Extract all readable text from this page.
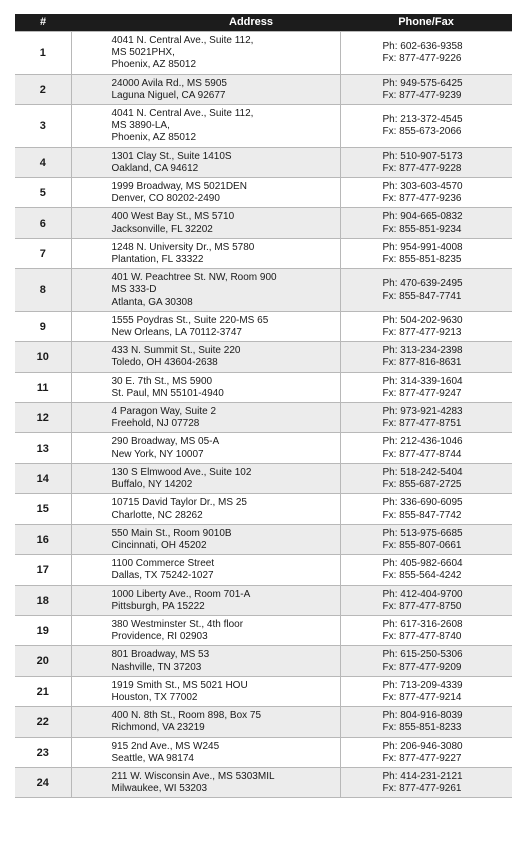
#	Address	Phone/Fax
1	4041 N. Central Ave., Suite 112,
MS 5021PHX,
Phoenix, AZ 85012	Ph: 602-636-9358
Fx: 877-477-9226

2	24000 Avila Rd., MS 5905
Laguna Niguel, CA 92677	Ph: 949-575-6425
Fx: 877-477-9239

3	4041 N. Central Ave., Suite 112,
MS 3890-LA,
Phoenix, AZ 85012	Ph: 213-372-4545
Fx: 855-673-2066

4	1301 Clay St., Suite 1410S
Oakland, CA 94612	Ph: 510-907-5173
Fx: 877-477-9228

5	1999 Broadway, MS 5021DEN
Denver, CO 80202-2490	Ph: 303-603-4570
Fx: 877-477-9236

6	400 West Bay St., MS 5710
Jacksonville, FL 32202	Ph: 904-665-0832
Fx: 855-851-9234

7	1248 N. University Dr., MS 5780
Plantation, FL 33322	Ph: 954-991-4008
Fx: 855-851-8235

8	401 W. Peachtree St. NW, Room 900
MS 333-D
Atlanta, GA 30308	Ph: 470-639-2495
Fx: 855-847-7741

9	1555 Poydras St., Suite 220-MS 65
New Orleans, LA 70112-3747	Ph: 504-202-9630
Fx: 877-477-9213

10	433 N. Summit St., Suite 220
Toledo, OH 43604-2638	Ph: 313-234-2398
Fx: 877-816-8631

11	30 E. 7th St., MS 5900
St. Paul, MN 55101-4940	Ph: 314-339-1604
Fx: 877-477-9247

12	4 Paragon Way, Suite 2
Freehold, NJ 07728	Ph: 973-921-4283
Fx: 877-477-8751

13	290 Broadway, MS 05-A
New York, NY 10007	Ph: 212-436-1046
Fx: 877-477-8744

14	130 S Elmwood Ave., Suite 102
Buffalo, NY 14202	Ph: 518-242-5404
Fx: 855-687-2725

15	10715 David Taylor Dr., MS 25
Charlotte, NC 28262	Ph: 336-690-6095
Fx: 855-847-7742

16	550 Main St., Room 9010B
Cincinnati, OH 45202	Ph: 513-975-6685
Fx: 855-807-0661

17	1100 Commerce Street
Dallas, TX 75242-1027	Ph: 405-982-6604
Fx: 855-564-4242

18	1000 Liberty Ave., Room 701-A
Pittsburgh, PA 15222	Ph: 412-404-9700
Fx: 877-477-8750

19	380 Westminster St., 4th floor
Providence, RI 02903	Ph: 617-316-2608
Fx: 877-477-8740

20	801 Broadway, MS 53
Nashville, TN 37203	Ph: 615-250-5306
Fx: 877-477-9209

21	1919 Smith St., MS 5021 HOU
Houston, TX 77002	Ph: 713-209-4339
Fx: 877-477-9214

22	400 N. 8th St., Room 898, Box 75
Richmond, VA 23219	Ph: 804-916-8039
Fx: 855-851-8233

23	915 2nd Ave., MS W245
Seattle, WA 98174	Ph: 206-946-3080
Fx: 877-477-9227

24	211 W. Wisconsin Ave., MS 5303MIL
Milwaukee, WI 53203	Ph: 414-231-2121
Fx: 877-477-9261
